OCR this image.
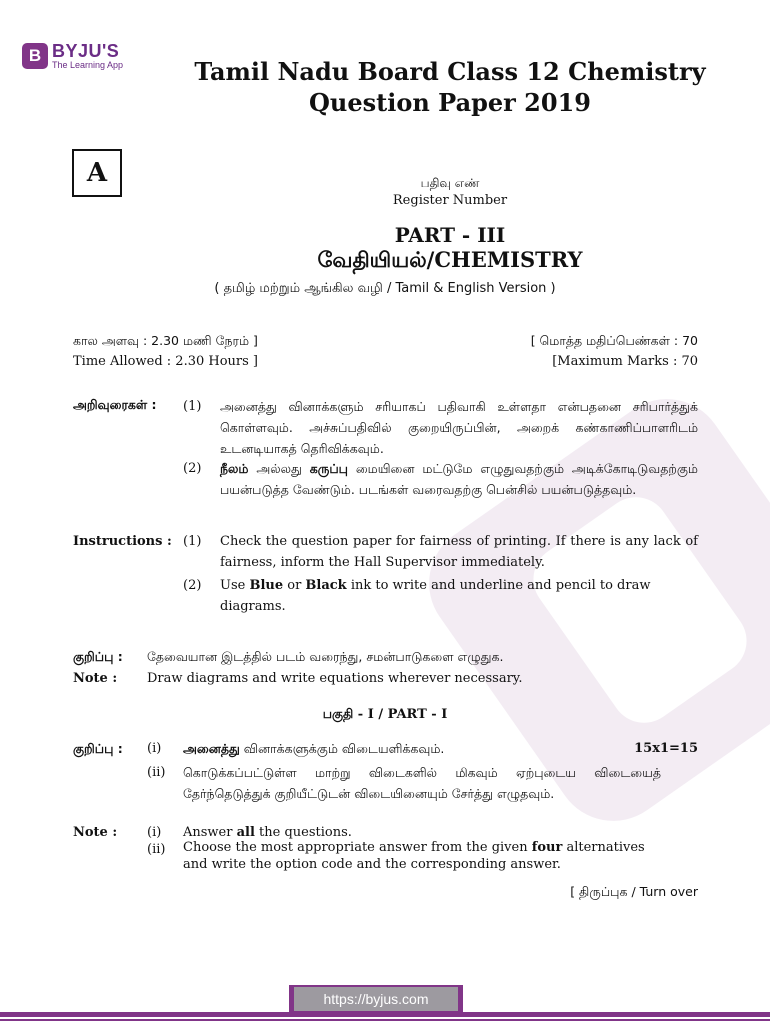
B BYJU'S
The Learning App	Tamil Nadu Board Class 12 Chemistry Question Paper 2019
A	பதிவு எண்
Register Number
PART - III
வேதியியல்/CHEMISTRY
( தமிழ் மற்றும் ஆங்கில வழி / Tamil & English Version )
கால அளவு : 2.30 மணி நேரம் ]
Time Allowed : 2.30 Hours ]
[ மொத்த மதிப்பெண்கள் : 70
[Maximum Marks : 70
அறிவுரைகள் : (1) அனைத்து வினாக்களும் சரியாகப் பதிவாகி உள்ளதா என்பதனை சரிபார்த்துக் கொள்ளவும். அச்சுப்பதிவில் குறையிருப்பின், அறைக் கண்காணிப்பாளரிடம் உடனடியாகத் தெரிவிக்கவும்.
(2) நீலம் அல்லது கருப்பு மையினை மட்டுமே எழுதுவதற்கும் அடிக்கோடிடுவதற்கும் பயன்படுத்த வேண்டும். படங்கள் வரைவதற்கு பென்சில் பயன்படுத்தவும்.
Instructions : (1) Check the question paper for fairness of printing. If there is any lack of fairness, inform the Hall Supervisor immediately.
(2) Use Blue or Black ink to write and underline and pencil to draw diagrams.
குறிப்பு : தேவையான இடத்தில் படம் வரைந்து, சமன்பாடுகளை எழுதுக.
Note : Draw diagrams and write equations wherever necessary.
பகுதி - I / PART - I
குறிப்பு : (i) அனைத்து வினாக்களுக்கும் விடையளிக்கவும்.	15x1=15
(ii) கொடுக்கப்பட்டுள்ள மாற்று விடைகளில் மிகவும் ஏற்புடைய விடையைத் தேர்ந்தெடுத்துக் குறியீட்டுடன் விடையினையும் சேர்த்து எழுதவும்.
Note : (i) Answer all the questions.
(ii) Choose the most appropriate answer from the given four alternatives and write the option code and the corresponding answer.
[ திருப்புக / Turn over
https://byjus.com
